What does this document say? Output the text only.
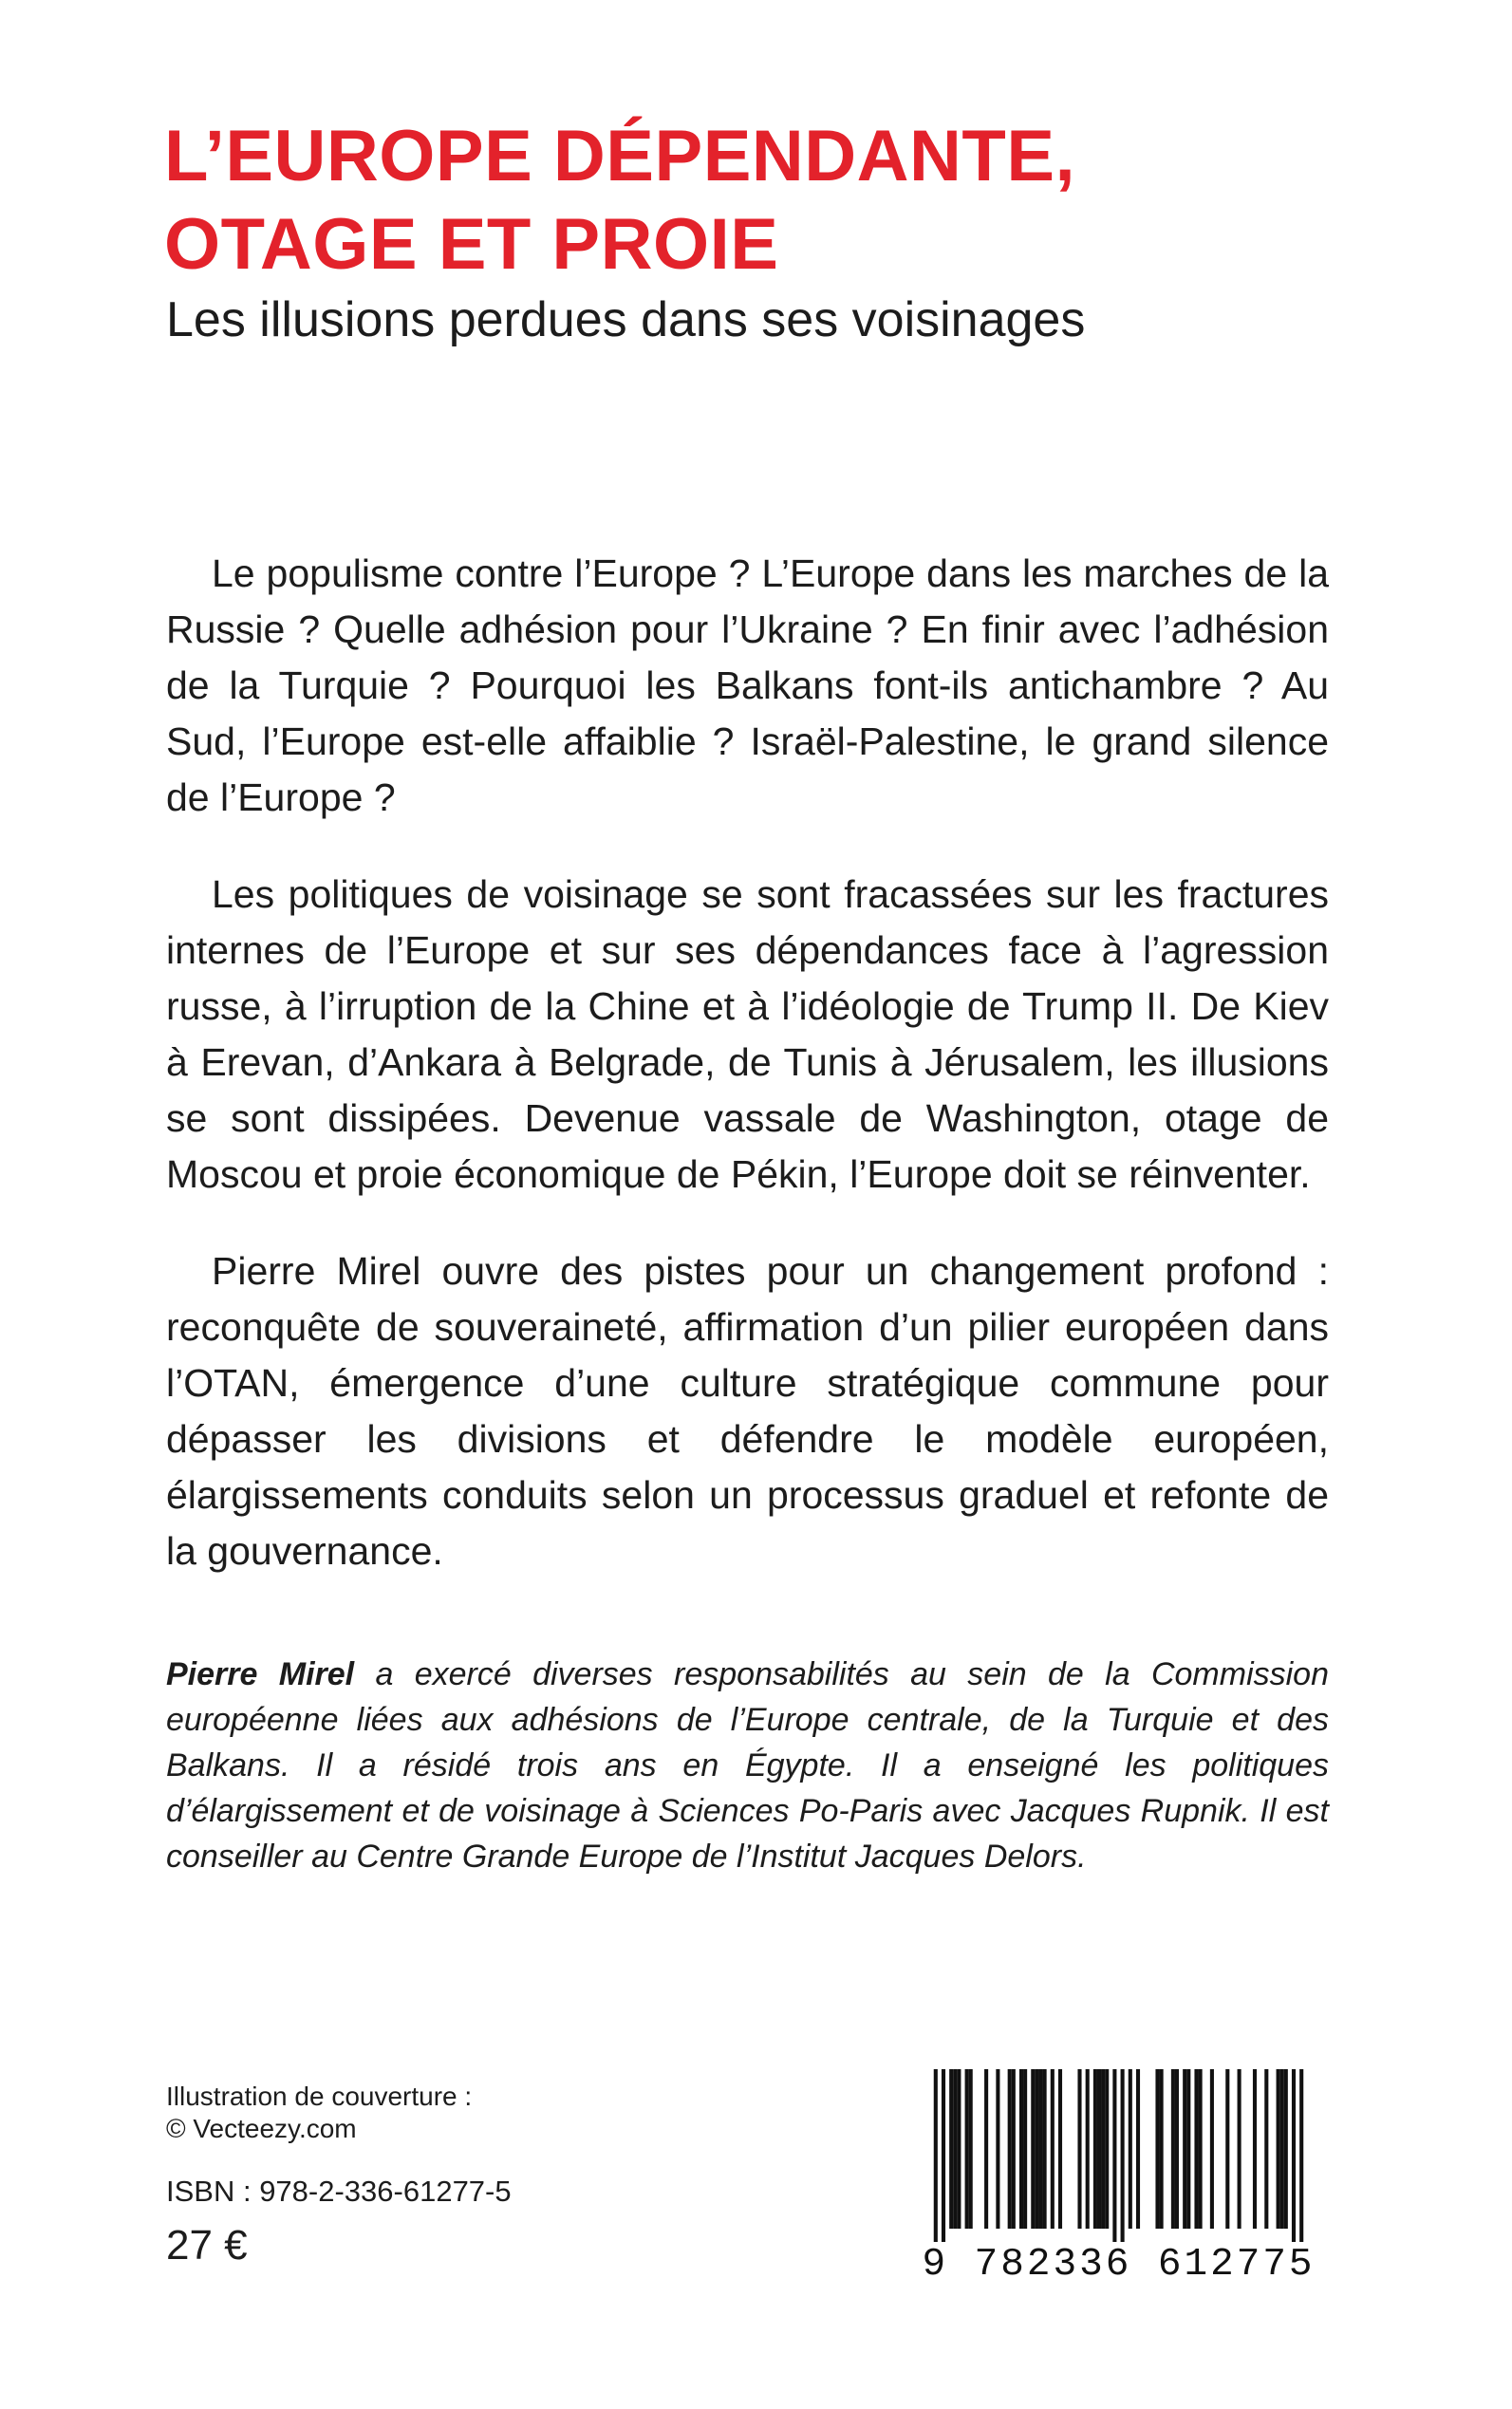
L’EUROPE DÉPENDANTE,
OTAGE ET PROIE
Les illusions perdues dans ses voisinages

Le populisme contre l’Europe ? L’Europe dans les marches de la Russie ? Quelle adhésion pour l’Ukraine ? En finir avec l’adhésion de la Turquie ? Pourquoi les Balkans font-ils antichambre ? Au Sud, l’Europe est-elle affaiblie ? Israël-Palestine, le grand silence de l’Europe ?

Les politiques de voisinage se sont fracassées sur les fractures internes de l’Europe et sur ses dépendances face à l’agression russe, à l’irruption de la Chine et à l’idéologie de Trump II. De Kiev à Erevan, d’Ankara à Belgrade, de Tunis à Jérusalem, les illusions se sont dissipées. Devenue vassale de Washington, otage de Moscou et proie économique de Pékin, l’Europe doit se réinventer.

Pierre Mirel ouvre des pistes pour un changement profond : reconquête de souveraineté, affirmation d’un pilier européen dans l’OTAN, émergence d’une culture stratégique commune pour dépasser les divisions et défendre le modèle européen, élargissements conduits selon un processus graduel et refonte de la gouvernance.

Pierre Mirel a exercé diverses responsabilités au sein de la Commission européenne liées aux adhésions de l’Europe centrale, de la Turquie et des Balkans. Il a résidé trois ans en Égypte. Il a enseigné les politiques d’élargissement et de voisinage à Sciences Po-Paris avec Jacques Rupnik. Il est conseiller au Centre Grande Europe de l’Institut Jacques Delors.

Illustration de couverture :
© Vecteezy.com
ISBN : 978-2-336-61277-5
27 €	9 782336 612775
